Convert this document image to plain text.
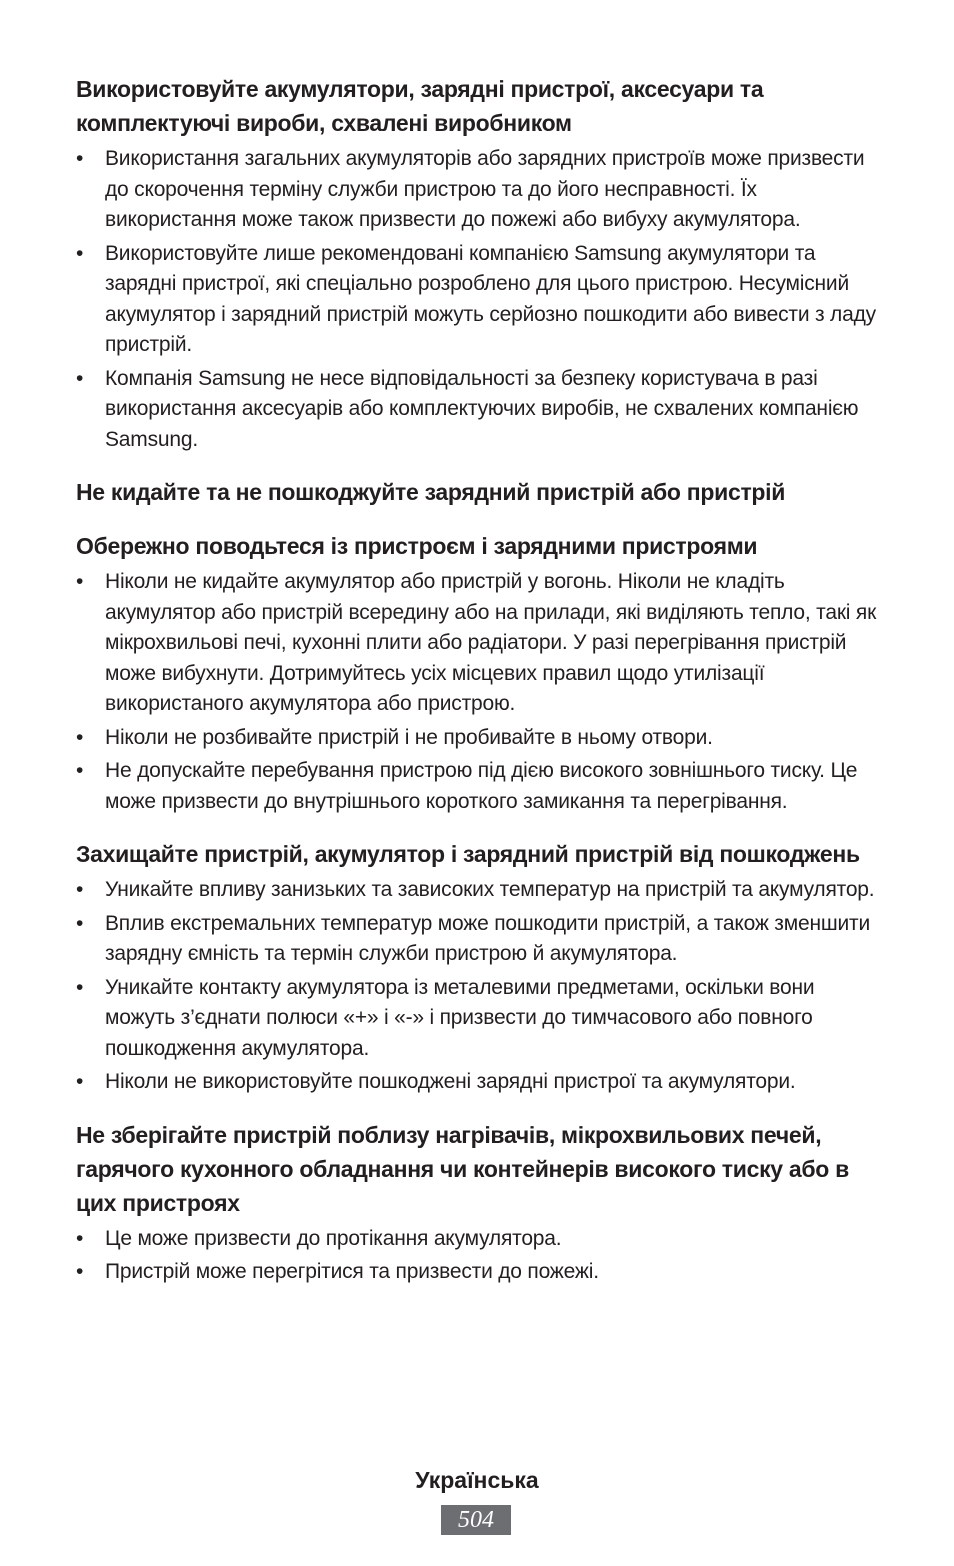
Використовуйте акумулятори, зарядні пристрої, аксесуари та комплектуючі вироби, схвалені виробником
•	Використання загальних акумуляторів або зарядних пристроїв може призвести до скорочення терміну служби пристрою та до його несправності. Їх використання може також призвести до пожежі або вибуху акумулятора.
•	Використовуйте лише рекомендовані компанією Samsung акумулятори та зарядні пристрої, які спеціально розроблено для цього пристрою. Несумісний акумулятор і зарядний пристрій можуть серйозно пошкодити або вивести з ладу пристрій.
•	Компанія Samsung не несе відповідальності за безпеку користувача в разі використання аксесуарів або комплектуючих виробів, не схвалених компанією Samsung.
Не кидайте та не пошкоджуйте зарядний пристрій або пристрій
Обережно поводьтеся із пристроєм і зарядними пристроями
•	Ніколи не кидайте акумулятор або пристрій у вогонь. Ніколи не кладіть акумулятор або пристрій всередину або на прилади, які виділяють тепло, такі як мікрохвильові печі, кухонні плити або радіатори. У разі перегрівання пристрій може вибухнути. Дотримуйтесь усіх місцевих правил щодо утилізації використаного акумулятора або пристрою.
•	Ніколи не розбивайте пристрій і не пробивайте в ньому отвори.
•	Не допускайте перебування пристрою під дією високого зовнішнього тиску. Це може призвести до внутрішнього короткого замикання та перегрівання.
Захищайте пристрій, акумулятор і зарядний пристрій від пошкоджень
•	Уникайте впливу занизьких та зависоких температур на пристрій та акумулятор.
•	Вплив екстремальних температур може пошкодити пристрій, а також зменшити зарядну ємність та термін служби пристрою й акумулятора.
•	Уникайте контакту акумулятора із металевими предметами, оскільки вони можуть з’єднати полюси «+» і «-» і призвести до тимчасового або повного пошкодження акумулятора.
•	Ніколи не використовуйте пошкоджені зарядні пристрої та акумулятори.
Не зберігайте пристрій поблизу нагрівачів, мікрохвильових печей, гарячого кухонного обладнання чи контейнерів високого тиску або в цих пристроях
•	Це може призвести до протікання акумулятора.
•	Пристрій може перегрітися та призвести до пожежі.
Українська
504
